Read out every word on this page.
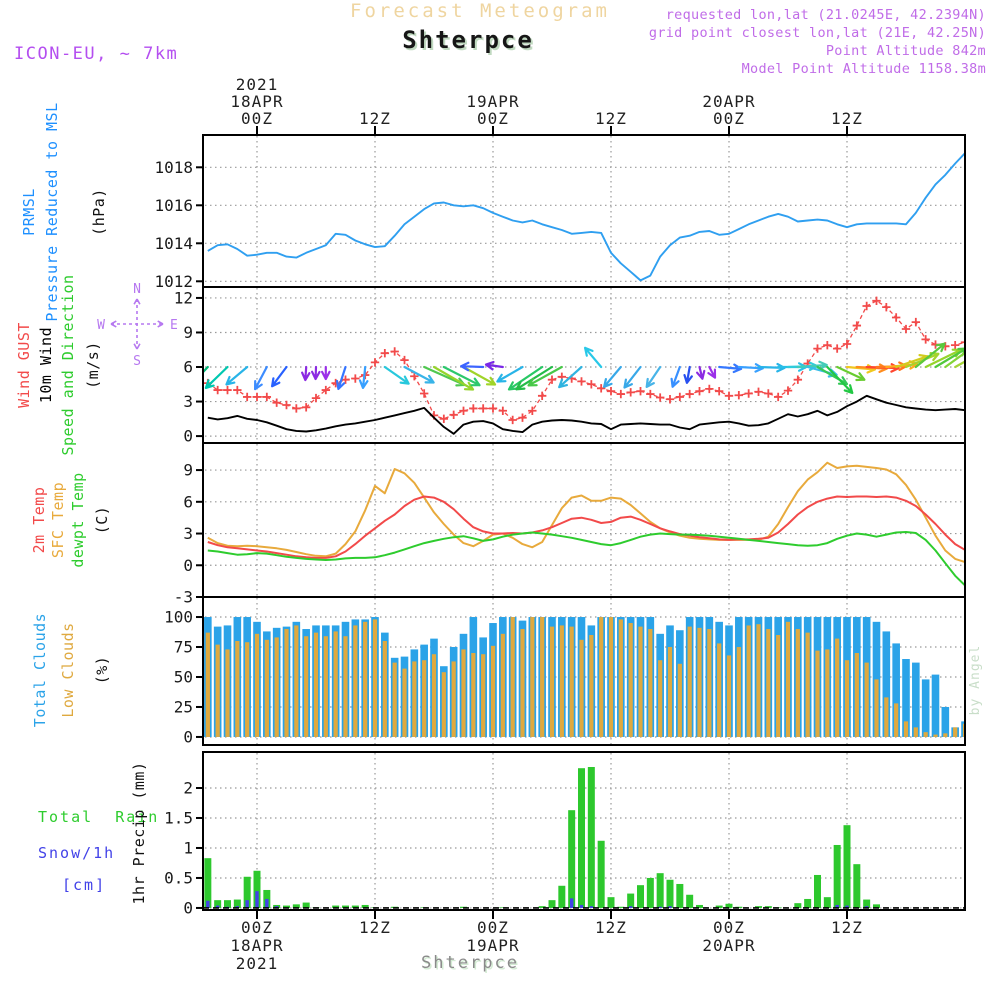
1012
1014
1016
1018
0
3
6
9
12
-3
0
3
6
9
0
25
50
75
100
0
0.5
1
1.5
2
00Z
18APR
2021
00Z
18APR
2021
12Z
12Z
00Z
19APR
00Z
19APR
12Z
12Z
00Z
20APR
00Z
20APR
12Z
12Z
N
S
W	E
Forecast Meteogram
Shterpce
ICON-EU, ~ 7km
requested lon,lat (21.0245E, 42.2394N)
grid point closest lon,lat (21E, 42.25N)
Point Altitude 842m
Model Point Altitude 1158.38m
PRMSL Pressure Reduced to MSL (hPa)
Wind GUST 10m Wind Speed and Direction (m/s)
2m Temp SFC Temp dewpt Temp (C)
Total Clouds Low Clouds (%)
Total  Rain
Snow/1h
[cm] 1hr Precip (mm)
Shterpce
by Angel
